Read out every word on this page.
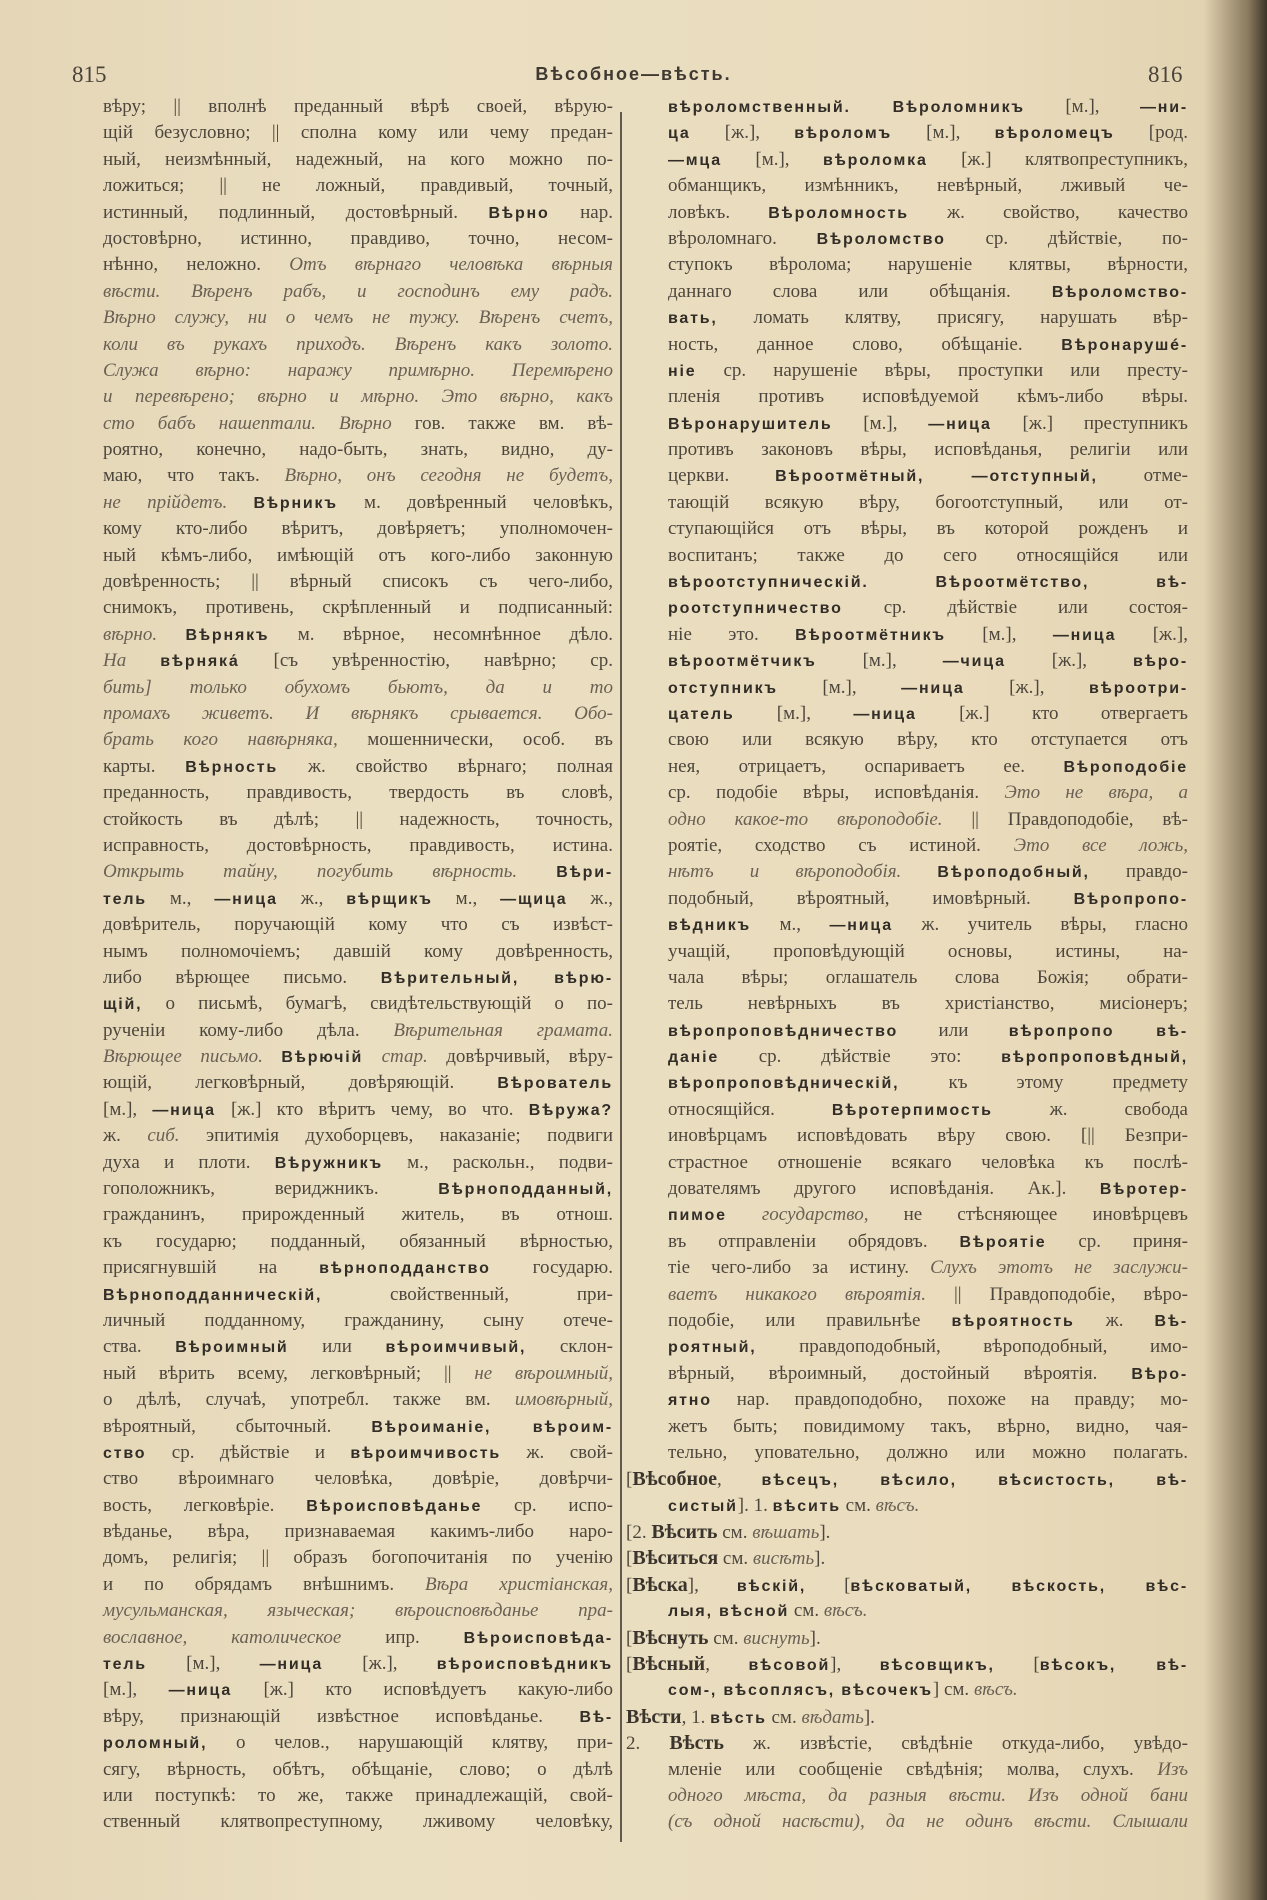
815	Вѣсобное—вѣсть.	816
вѣру; || вполнѣ преданный вѣрѣ своей, вѣрую-
щій безусловно; || сполна кому или чему предан-
ный, неизмѣнный, надежный, на кого можно по-
ложиться; || не ложный, правдивый, точный,
истинный, подлинный, достовѣрный. Вѣрно нар.
достовѣрно, истинно, правдиво, точно, несом-
нѣнно, неложно. Отъ вѣрнаго человѣка вѣрныя
вѣсти. Вѣренъ рабъ, и господинъ ему радъ.
Вѣрно служу, ни о чемъ не тужу. Вѣренъ счетъ,
коли въ рукахъ приходъ. Вѣренъ какъ золото.
Служа вѣрно: наражу примѣрно. Перемѣрено
и перевѣрено; вѣрно и мѣрно. Это вѣрно, какъ
сто бабъ нашептали. Вѣрно гов. также вм. вѣ-
роятно, конечно, надо-быть, знать, видно, ду-
маю, что такъ. Вѣрно, онъ сегодня не будетъ,
не прійдетъ. Вѣрникъ м. довѣренный человѣкъ,
кому кто-либо вѣритъ, довѣряетъ; уполномочен-
ный кѣмъ-либо, имѣющій отъ кого-либо законную
довѣренность; || вѣрный списокъ съ чего-либо,
снимокъ, противень, скрѣпленный и подписанный:
вѣрно. Вѣрнякъ м. вѣрное, несомнѣнное дѣло.
На вѣрняка́ [съ увѣренностію, навѣрно; ср.
бить] только обухомъ бьютъ, да и то
промахъ живетъ. И вѣрнякъ срывается. Обо-
брать кого навѣрняка, мошеннически, особ. въ
карты. Вѣрность ж. свойство вѣрнаго; полная
преданность, правдивость, твердость въ словѣ,
стойкость въ дѣлѣ; || надежность, точность,
исправность, достовѣрность, правдивость, истина.
Открыть тайну, погубить вѣрность. Вѣри-
тель м., —ница ж., вѣрщикъ м., —щица ж.,
довѣритель, поручающій кому что съ извѣст-
нымъ полномочіемъ; давшій кому довѣренность,
либо вѣрющее письмо. Вѣрительный, вѣрю-
щій, о письмѣ, бумагѣ, свидѣтельствующій о по-
рученіи кому-либо дѣла. Вѣрительная грамата.
Вѣрющее письмо. Вѣрючій стар. довѣрчивый, вѣру-
ющій, легковѣрный, довѣряющій. Вѣрователь
[м.], —ница [ж.] кто вѣритъ чему, во что. Вѣружа?
ж. сиб. эпитимія духоборцевъ, наказаніе; подвиги
духа и плоти. Вѣружникъ м., раскольн., подви-
гоположникъ, вериджникъ. Вѣрноподданный,
гражданинъ, прирожденный житель, въ отнош.
къ государю; подданный, обязанный вѣрностью,
присягнувшій на вѣрноподданство государю.
Вѣрноподданническій, свойственный, при-
личный подданному, гражданину, сыну отече-
ства. Вѣроимный или вѣроимчивый, склон-
ный вѣрить всему, легковѣрный; || не вѣроимный,
о дѣлѣ, случаѣ, употребл. также вм. имовѣрный,
вѣроятный, сбыточный. Вѣроиманіе, вѣроим-
ство ср. дѣйствіе и вѣроимчивость ж. свой-
ство вѣроимнаго человѣка, довѣріе, довѣрчи-
вость, легковѣріе. Вѣроисповѣданье ср. испо-
вѣданье, вѣра, признаваемая какимъ-либо наро-
домъ, религія; || образъ богопочитанія по ученію
и по обрядамъ внѣшнимъ. Вѣра христіанская,
мусульманская, языческая; вѣроисповѣданье пра-
вославное, католическое ипр. Вѣроисповѣда-
тель [м.], —ница [ж.], вѣроисповѣдникъ
[м.], —ница [ж.] кто исповѣдуетъ какую-либо
вѣру, признающій извѣстное исповѣданье. Вѣ-
роломный, о челов., нарушающій клятву, при-
сягу, вѣрность, обѣтъ, обѣщаніе, слово; о дѣлѣ
или поступкѣ: то же, также принадлежащій, свой-
ственный клятвопреступному, лживому человѣку,
вѣроломственный. Вѣроломникъ [м.], —ни-
ца [ж.], вѣроломъ [м.], вѣроломецъ [род.
—мца [м.], вѣроломка [ж.] клятвопреступникъ,
обманщикъ, измѣнникъ, невѣрный, лживый че-
ловѣкъ. Вѣроломность ж. свойство, качество
вѣроломнаго. Вѣроломство ср. дѣйствіе, по-
ступокъ вѣролома; нарушеніе клятвы, вѣрности,
даннаго слова или обѣщанія. Вѣроломство-
вать, ломать клятву, присягу, нарушать вѣр-
ность, данное слово, обѣщаніе. Вѣронарушé-
ніе ср. нарушеніе вѣры, проступки или престу-
пленія противъ исповѣдуемой кѣмъ-либо вѣры.
Вѣронарушитель [м.], —ница [ж.] преступникъ
противъ законовъ вѣры, исповѣданья, религіи или
церкви. Вѣроотмётный, —отступный, отме-
тающій всякую вѣру, богоотступный, или от-
ступающійся отъ вѣры, въ которой рожденъ и
воспитанъ; также до сего относящійся или
вѣроотступническій. Вѣроотмётство, вѣ-
роотступничество ср. дѣйствіе или состоя-
ніе это. Вѣроотмётникъ [м.], —ница [ж.],
вѣроотмётчикъ [м.], —чица [ж.], вѣро-
отступникъ [м.], —ница [ж.], вѣроотри-
цатель [м.], —ница [ж.] кто отвергаетъ
свою или всякую вѣру, кто отступается отъ
нея, отрицаетъ, оспариваетъ ее. Вѣроподобіе
ср. подобіе вѣры, исповѣданія. Это не вѣра, а
одно какое-то вѣроподобіе. || Правдоподобіе, вѣ-
роятіе, сходство съ истиной. Это все ложь,
нѣтъ и вѣроподобія. Вѣроподобный, правдо-
подобный, вѣроятный, имовѣрный. Вѣропропо-
вѣдникъ м., —ница ж. учитель вѣры, гласно
учащій, проповѣдующій основы, истины, на-
чала вѣры; оглашатель слова Божія; обрати-
тель невѣрныхъ въ христіанство, мисіонеръ;
вѣропроповѣдничество или вѣропропо вѣ-
даніе ср. дѣйствіе это: вѣропроповѣдный,
вѣропроповѣдническій, къ этому предмету
относящійся. Вѣротерпимость ж. свобода
иновѣрцамъ исповѣдовать вѣру свою. [|| Безпри-
страстное отношеніе всякаго человѣка къ послѣ-
дователямъ другого исповѣданія. Ак.]. Вѣротер-
пимое государство, не стѣсняющее иновѣрцевъ
въ отправленіи обрядовъ. Вѣроятіе ср. приня-
тіе чего-либо за истину. Слухъ этотъ не заслужи-
ваетъ никакого вѣроятія. || Правдоподобіе, вѣро-
подобіе, или правильнѣе вѣроятность ж. Вѣ-
роятный, правдоподобный, вѣроподобный, имо-
вѣрный, вѣроимный, достойный вѣроятія. Вѣро-
ятно нар. правдоподобно, похоже на правду; мо-
жетъ быть; повидимому такъ, вѣрно, видно, чая-
тельно, уповательно, должно или можно полагать.
[Вѣсобное, вѣсецъ, вѣсило, вѣсистость, вѣ-
систый]. 1. вѣсить см. вѣсъ.
[2. Вѣсить см. вѣшать].
[Вѣситься см. висѣть].
[Вѣска], вѣскій, [вѣсковатый, вѣскость, вѣс-
лыя, вѣсной см. вѣсъ.
[Вѣснуть см. виснуть].
[Вѣсный, вѣсовой], вѣсовщикъ, [вѣсокъ, вѣ-
сом-, вѣсоплясъ, вѣсочекъ] см. вѣсъ.
Вѣсти, 1. вѣсть см. вѣдать].
2. Вѣсть ж. извѣстіе, свѣдѣніе откуда-либо, увѣдо-
мленіе или сообщеніе свѣдѣнія; молва, слухъ. Изъ
одного мѣста, да разныя вѣсти. Изъ одной бани
(съ одной насѣсти), да не одинъ вѣсти. Слышали
